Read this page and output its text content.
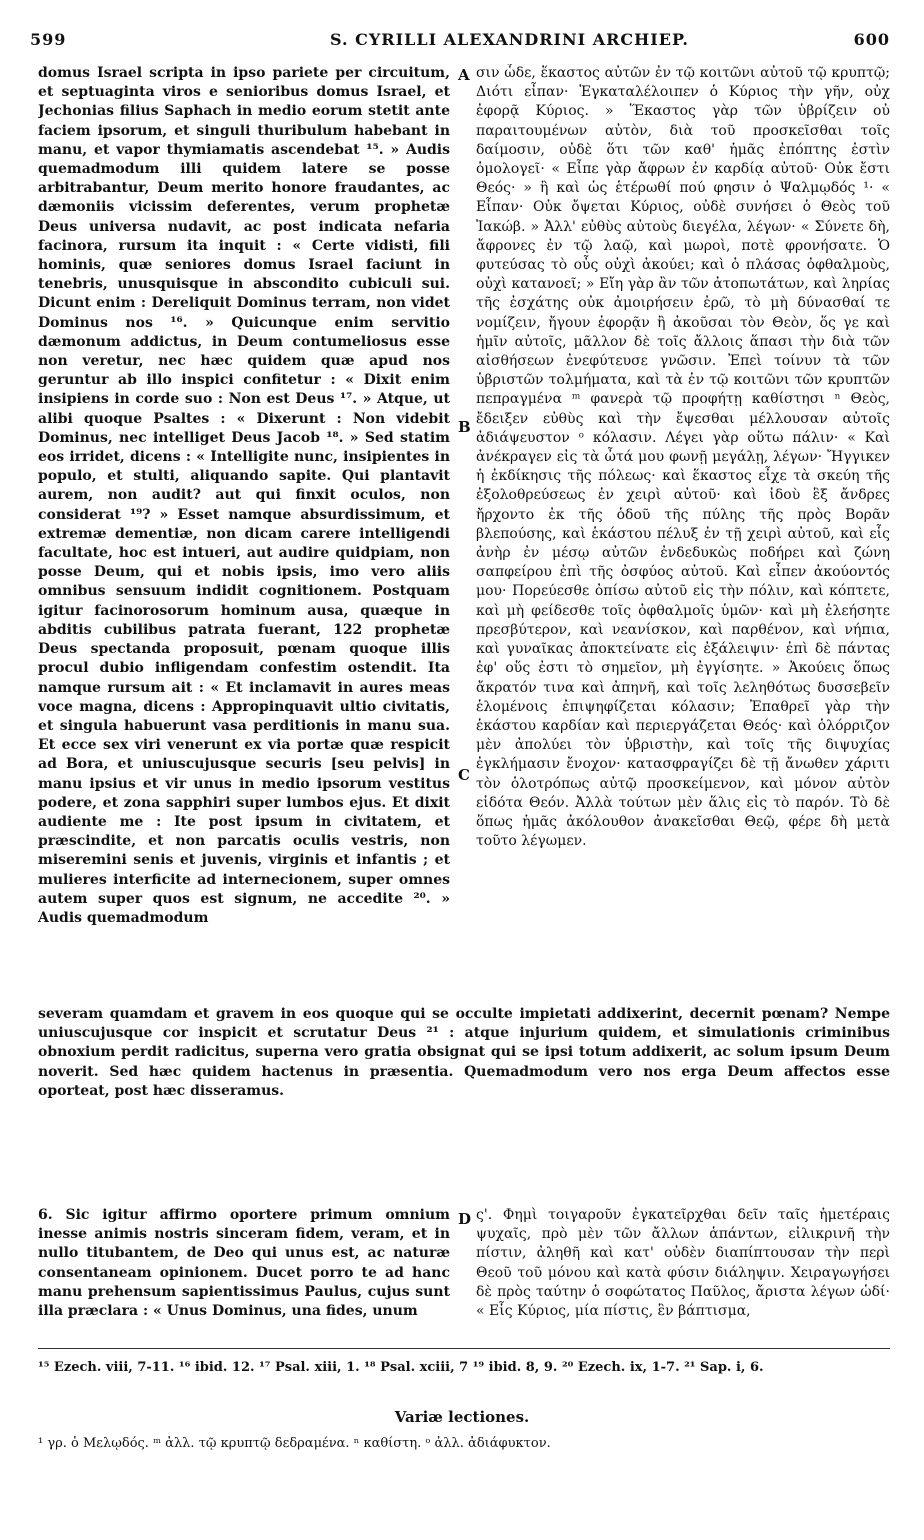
599	S. CYRILLI ALEXANDRINI ARCHIEP.	600
domus Israel scripta in ipso pariete per circuitum, et septuaginta viros e senioribus domus Israel, et Jechonias filius Saphach in medio eorum stetit ante faciem ipsorum, et singuli thuribulum habebant in manu, et vapor thymiamatis ascendebat ¹⁵. » Audis quemadmodum illi quidem latere se posse arbitrabantur, Deum merito honore fraudantes, ac dæmoniis vicissim deferentes, verum prophetæ Deus universa nudavit, ac post indicata nefaria facinora, rursum ita inquit : « Certe vidisti, fili hominis, quæ seniores domus Israel faciunt in tenebris, unusquisque in abscondito cubiculi sui. Dicunt enim : Dereliquit Dominus terram, non videt Dominus nos ¹⁶. » Quicunque enim servitio dæmonum addictus, in Deum contumeliosus esse non veretur, nec hæc quidem quæ apud nos geruntur ab illo inspici confitetur : « Dixit enim insipiens in corde suo : Non est Deus ¹⁷. » Atque, ut alibi quoque Psaltes : « Dixerunt : Non videbit Dominus, nec intelliget Deus Jacob ¹⁸. » Sed statim eos irridet, dicens : « Intelligite nunc, insipientes in populo, et stulti, aliquando sapite. Qui plantavit aurem, non audit? aut qui finxit oculos, non considerat ¹⁹? » Esset namque absurdissimum, et extremæ dementiæ, non dicam carere intelligendi facultate, hoc est intueri, aut audire quidpiam, non posse Deum, qui et nobis ipsis, imo vero aliis omnibus sensuum indidit cognitionem. Postquam igitur facinorosorum hominum ausa, quæque in abditis cubilibus patrata fuerant, 122 prophetæ Deus spectanda proposuit, pœnam quoque illis procul dubio infligendam confestim ostendit. Ita namque rursum ait : « Et inclamavit in aures meas voce magna, dicens : Appropinquavit ultio civitatis, et singula habuerunt vasa perditionis in manu sua. Et ecce sex viri venerunt ex via portæ quæ respicit ad Bora, et uniuscujusque securis [seu pelvis] in manu ipsius et vir unus in medio ipsorum vestitus podere, et zona sapphiri super lumbos ejus. Et dixit audiente me : Ite post ipsum in civitatem, et præscindite, et non parcatis oculis vestris, non miseremini senis et juvenis, virginis et infantis ; et mulieres interficite ad internecionem, super omnes autem super quos est signum, ne accedite ²⁰. » Audis quemadmodum
σιν ὧδε, ἕκαστος αὐτῶν ἐν τῷ κοιτῶνι αὐτοῦ τῷ κρυπτῷ; Διότι εἶπαν· Ἐγκαταλέλοιπεν ὁ Κύριος τὴν γῆν, οὐχ ἐφορᾷ Κύριος. » Ἕκαστος γὰρ τῶν ὑβρίζειν οὐ παραιτουμένων αὐτὸν, διὰ τοῦ προσκεῖσθαι τοῖς δαίμοσιν, οὐδὲ ὅτι τῶν καθ' ἡμᾶς ἐπόπτης ἐστὶν ὁμολογεῖ· « Εἶπε γὰρ ἄφρων ἐν καρδίᾳ αὐτοῦ· Οὐκ ἔστι Θεός· » ἢ καὶ ὡς ἑτέρωθί πού φησιν ὁ Ψαλμῳδός ¹· « Εἶπαν· Οὐκ ὄψεται Κύριος, οὐδὲ συνήσει ὁ Θεὸς τοῦ Ἰακώβ. » Ἀλλ' εὐθὺς αὐτοὺς διεγέλα, λέγων· « Σύνετε δὴ, ἄφρονες ἐν τῷ λαῷ, καὶ μωροὶ, ποτὲ φρονήσατε. Ὁ φυτεύσας τὸ οὖς οὐχὶ ἀκούει; καὶ ὁ πλάσας ὀφθαλμοὺς, οὐχὶ κατανοεῖ; » Εἴη γὰρ ἂν τῶν ἀτοπωτάτων, καὶ ληρίας τῆς ἐσχάτης οὐκ ἀμοιρήσειν ἐρῶ, τὸ μὴ δύνασθαί τε νομίζειν, ἤγουν ἐφορᾷν ἢ ἀκοῦσαι τὸν Θεὸν, ὅς γε καὶ ἡμῖν αὐτοῖς, μᾶλλον δὲ τοῖς ἄλλοις ἅπασι τὴν διὰ τῶν αἰσθήσεων ἐνεφύτευσε γνῶσιν. Ἐπεὶ τοίνυν τὰ τῶν ὑβριστῶν τολμήματα, καὶ τὰ ἐν τῷ κοιτῶνι τῶν κρυπτῶν πεπραγμένα ᵐ φανερὰ τῷ προφήτῃ καθίστησι ⁿ Θεὸς, ἔδειξεν εὐθὺς καὶ τὴν ἔψεσθαι μέλλουσαν αὐτοῖς ἀδιάψευστον ᵒ κόλασιν. Λέγει γὰρ οὕτω πάλιν· « Καὶ ἀνέκραγεν εἰς τὰ ὦτά μου φωνῇ μεγάλῃ, λέγων· Ἤγγικεν ἡ ἐκδίκησις τῆς πόλεως· καὶ ἕκαστος εἶχε τὰ σκεύη τῆς ἐξολοθρεύσεως ἐν χειρὶ αὐτοῦ· καὶ ἰδοὺ ἓξ ἄνδρες ἤρχοντο ἐκ τῆς ὁδοῦ τῆς πύλης τῆς πρὸς Βορᾶν βλεπούσης, καὶ ἑκάστου πέλυξ ἐν τῇ χειρὶ αὐτοῦ, καὶ εἷς ἀνὴρ ἐν μέσῳ αὐτῶν ἐνδεδυκὼς ποδήρει καὶ ζώνη σαπφείρου ἐπὶ τῆς ὀσφύος αὐτοῦ. Καὶ εἶπεν ἀκούοντός μου· Πορεύεσθε ὀπίσω αὐτοῦ εἰς τὴν πόλιν, καὶ κόπτετε, καὶ μὴ φείδεσθε τοῖς ὀφθαλμοῖς ὑμῶν· καὶ μὴ ἐλεήσητε πρεσβύτερον, καὶ νεανίσκον, καὶ παρθένον, καὶ νήπια, καὶ γυναῖκας ἀποκτείνατε εἰς ἐξάλειψιν· ἐπὶ δὲ πάντας ἐφ' οὕς ἐστι τὸ σημεῖον, μὴ ἐγγίσητε. » Ἀκούεις ὅπως ἄκρατόν τινα καὶ ἀπηνῆ, καὶ τοῖς λεληθότως δυσσεβεῖν ἑλομένοις ἐπιψηφίζεται κόλασιν; Ἐπαθρεῖ γὰρ τὴν ἑκάστου καρδίαν καὶ περιεργάζεται Θεός· καὶ ὁλόρριζον μὲν ἀπολύει τὸν ὑβριστὴν, καὶ τοῖς τῆς διψυχίας ἐγκλήμασιν ἔνοχον· κατασφραγίζει δὲ τῇ ἄνωθεν χάριτι τὸν ὁλοτρόπως αὐτῷ προσκείμενον, καὶ μόνον αὐτὸν εἰδότα Θεόν. Ἀλλὰ τούτων μὲν ἅλις εἰς τὸ παρόν. Τὸ δὲ ὅπως ἡμᾶς ἀκόλουθον ἀνακεῖσθαι Θεῷ, φέρε δὴ μετὰ τοῦτο λέγωμεν.
A
B
C
D
severam quamdam et gravem in eos quoque qui se occulte impietati addixerint, decernit pœnam? Nempe uniuscujusque cor inspicit et scrutatur Deus ²¹ : atque injurium quidem, et simulationis criminibus obnoxium perdit radicitus, superna vero gratia obsignat qui se ipsi totum addixerit, ac solum ipsum Deum noverit. Sed hæc quidem hactenus in præsentia. Quemadmodum vero nos erga Deum affectos esse oporteat, post hæc disseramus.
6. Sic igitur affirmo oportere primum omnium inesse animis nostris sinceram fidem, veram, et in nullo titubantem, de Deo qui unus est, ac naturæ consentaneam opinionem. Ducet porro te ad hanc manu prehensum sapientissimus Paulus, cujus sunt illa præclara : « Unus Dominus, una fides, unum
ς'. Φημὶ τοιγαροῦν ἐγκατεῖρχθαι δεῖν ταῖς ἡμετέραις ψυχαῖς, πρὸ μὲν τῶν ἄλλων ἁπάντων, εἰλικρινῆ τὴν πίστιν, ἀληθῆ καὶ κατ' οὐδὲν διαπίπτουσαν τὴν περὶ Θεοῦ τοῦ μόνου καὶ κατὰ φύσιν διάληψιν. Χειραγωγήσει δὲ πρὸς ταύτην ὁ σοφώτατος Παῦλος, ἄριστα λέγων ὡδί· « Εἷς Κύριος, μία πίστις, ἓν βάπτισμα,
¹⁵ Ezech. viii, 7-11. ¹⁶ ibid. 12. ¹⁷ Psal. xiii, 1. ¹⁸ Psal. xciii, 7 ¹⁹ ibid. 8, 9. ²⁰ Ezech. ix, 1-7. ²¹ Sap. i, 6.
Variæ lectiones.
¹ γρ. ὁ Μελῳδός. ᵐ ἀλλ. τῷ κρυπτῷ δεδραμένα. ⁿ καθίστη. ᵒ ἀλλ. ἀδιάφυκτον.
